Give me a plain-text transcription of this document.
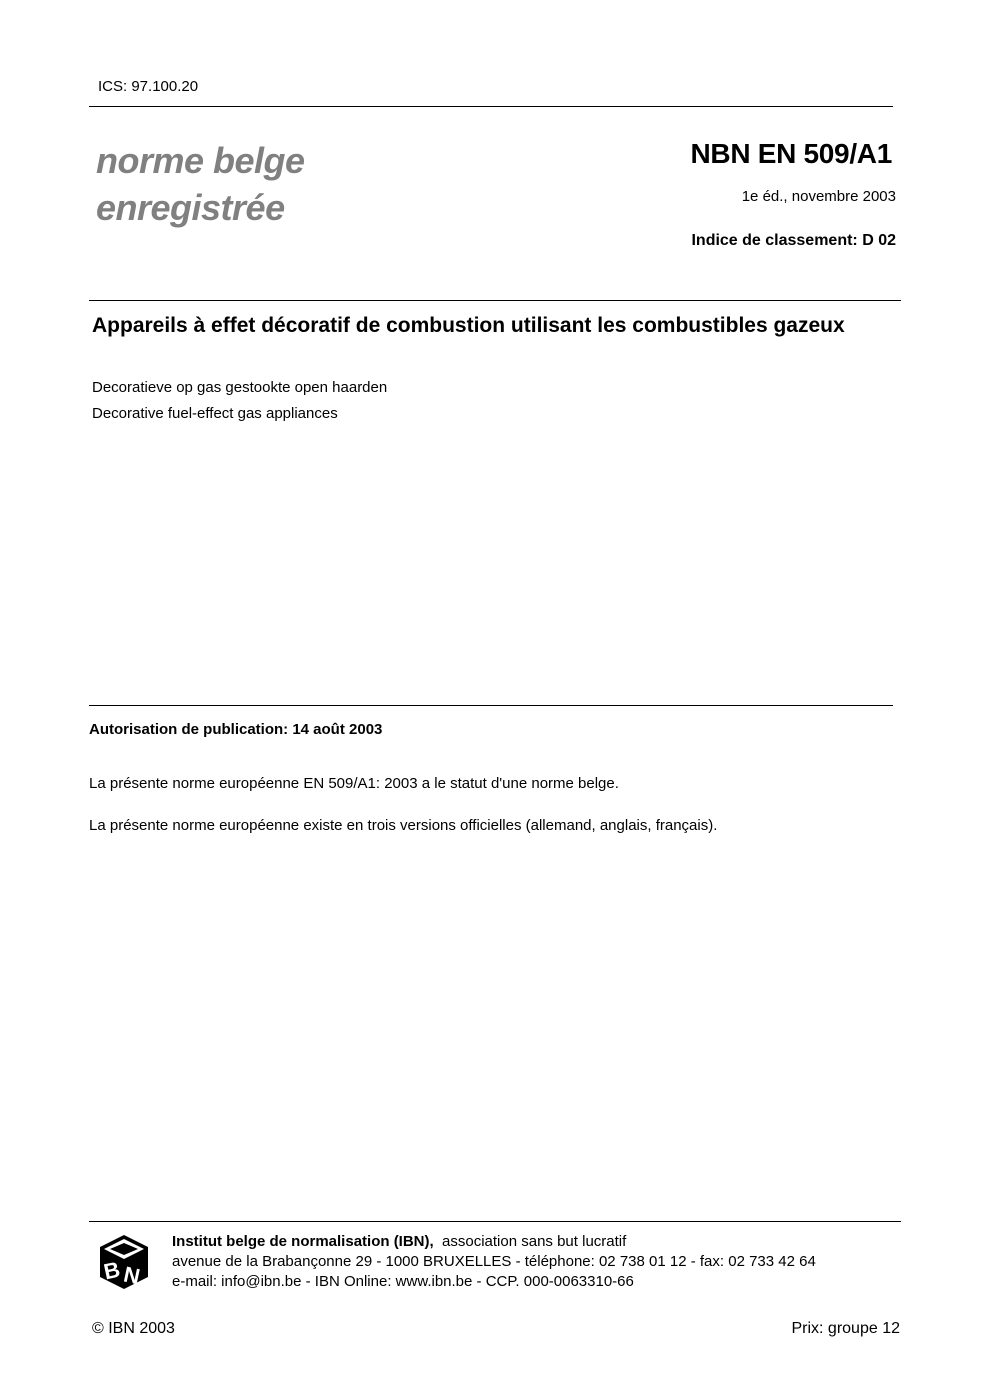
ICS: 97.100.20
norme belge
enregistrée
NBN EN 509/A1
1e éd., novembre 2003
Indice de classement: D 02
Appareils à effet décoratif de combustion utilisant les combustibles gazeux
Decoratieve op gas gestookte open haarden
Decorative fuel-effect gas appliances
Autorisation de publication: 14 août 2003
La présente norme européenne EN 509/A1: 2003 a le statut d'une norme belge.
La présente norme européenne existe en trois versions officielles (allemand, anglais, français).
B N
Institut belge de normalisation (IBN), association sans but lucratif
avenue de la Brabançonne 29 - 1000 BRUXELLES - téléphone: 02 738 01 12 - fax: 02 733 42 64
e-mail: info@ibn.be - IBN Online: www.ibn.be - CCP. 000-0063310-66
© IBN 2003	Prix: groupe 12
